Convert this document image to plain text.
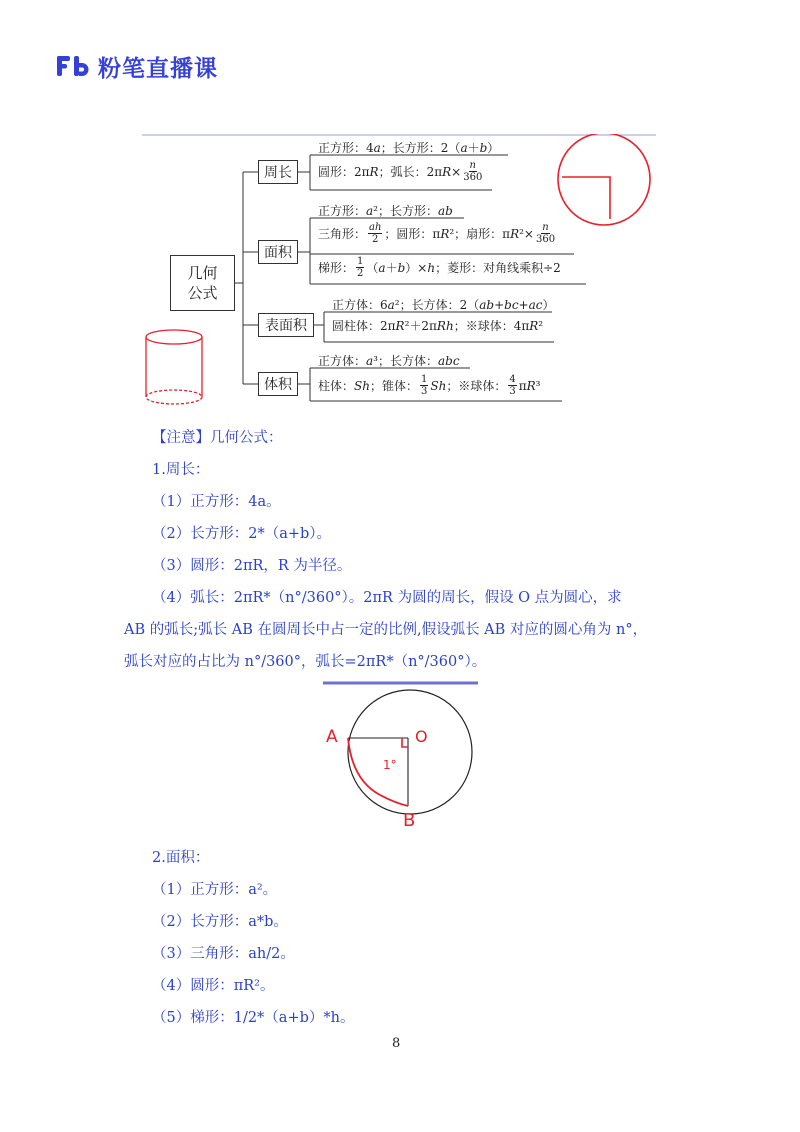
粉笔直播课
几何公式
周长
面积
表面积
体积
正方形：4 a ；长方形：2（ a ＋ b ）
圆形：2π R ；弧长：2π $R \times \frac{n}{360}$
正方形： a ²；长方形： ab
三角形： $\frac{ah}{2}$ ；圆形：π R ²；扇形：π R $^2\times \frac{n}{360}$
梯形： $\frac{1}{2}$ （ a ＋ b ）× h ；菱形：对角线乘积÷2
正方体：6 a ²；长方体：2（ ab+bc+ac ）
圆柱体：2π R ²＋2π Rh ；※球体：4π R ²
正方体： a ³；长方体： abc
柱体： Sh ；锥体： $\frac{1}{3}$ Sh ；※球体： $\frac{4}{3}$ π R ³
【注意】几何公式：
1.周长：
（1）正方形：4a。
（2）长方形：2*（a+b）。
（3）圆形：2πR，R 为半径。
（4）弧长：2πR*（n°/360°）。2πR 为圆的周长，假设 O 点为圆心，求
AB 的弧长;弧长 AB 在圆周长中占一定的比例,假设弧长 AB 对应的圆心角为 n°，
弧长对应的占比为 n°/360°，弧长=2πR*（n°/360°）。
A	O
1°
B
2.面积：
（1）正方形：a²。
（2）长方形：a*b。
（3）三角形：ah/2。
（4）圆形：πR²。
（5）梯形：1/2*（a+b）*h。
8
